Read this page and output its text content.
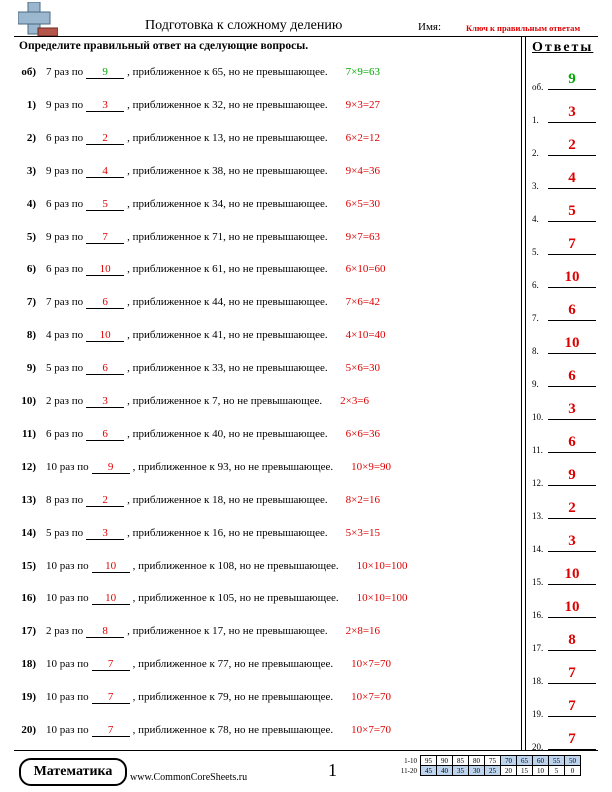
Подготовка к сложному делению	Имя:	Ключ к правильным ответам
Определите правильный ответ на сделующие вопросы.	Ответы
об) 7 раз по 9 , приближенное к 65, но не превышающее. 7×9=63
1) 9 раз по 3 , приближенное к 32, но не превышающее. 9×3=27
2) 6 раз по 2 , приближенное к 13, но не превышающее. 6×2=12
3) 9 раз по 4 , приближенное к 38, но не превышающее. 9×4=36
4) 6 раз по 5 , приближенное к 34, но не превышающее. 6×5=30
5) 9 раз по 7 , приближенное к 71, но не превышающее. 9×7=63
6) 6 раз по 10 , приближенное к 61, но не превышающее. 6×10=60
7) 7 раз по 6 , приближенное к 44, но не превышающее. 7×6=42
8) 4 раз по 10 , приближенное к 41, но не превышающее. 4×10=40
9) 5 раз по 6 , приближенное к 33, но не превышающее. 5×6=30
10) 2 раз по 3 , приближенное к 7, но не превышающее. 2×3=6
11) 6 раз по 6 , приближенное к 40, но не превышающее. 6×6=36
12) 10 раз по 9 , приближенное к 93, но не превышающее. 10×9=90
13) 8 раз по 2 , приближенное к 18, но не превышающее. 8×2=16
14) 5 раз по 3 , приближенное к 16, но не превышающее. 5×3=15
15) 10 раз по 10 , приближенное к 108, но не превышающее. 10×10=100
16) 10 раз по 10 , приближенное к 105, но не превышающее. 10×10=100
17) 2 раз по 8 , приближенное к 17, но не превышающее. 2×8=16
18) 10 раз по 7 , приближенное к 77, но не превышающее. 10×7=70
19) 10 раз по 7 , приближенное к 79, но не превышающее. 10×7=70
20) 10 раз по 7 , приближенное к 78, но не превышающее. 10×7=70
об.	9
1.	3
2.	2
3.	4
4.	5
5.	7
6.	10
7.	6
8.	10
9.	6
10.	3
11.	6
12.	9
13.	2
14.	3
15.	10
16.	10
17.	8
18.	7
19.	7
20.	7
Математика	www.CommonCoreSheets.ru	1	1-10	95	90	85	80	75	70	65	60	55	50
11-20	45	40	35	30	25	20	15	10	5	0
